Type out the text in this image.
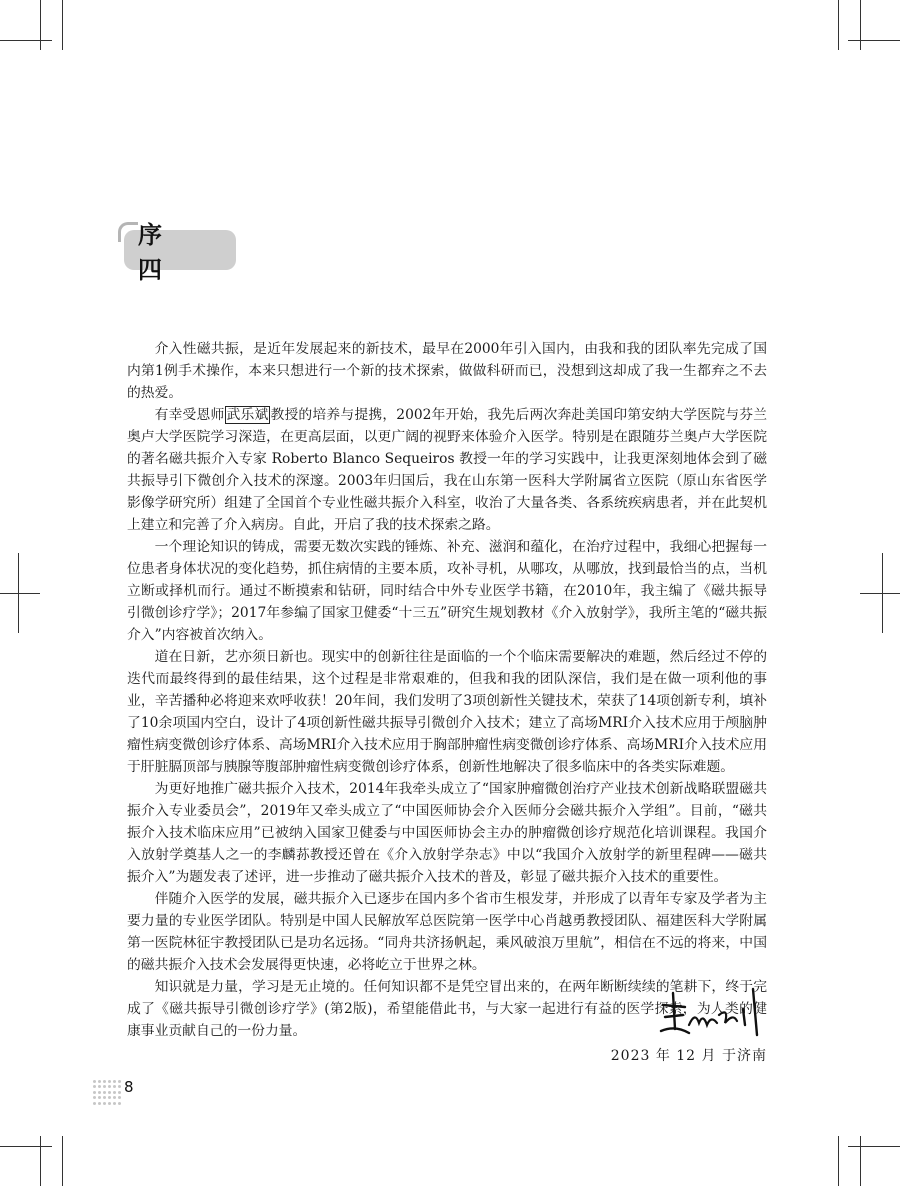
序 四

介入性磁共振，是近年发展起来的新技术，最早在2000年引入国内，由我和我的团队率先完成了国内第1例手术操作，本来只想进行一个新的技术探索，做做科研而已，没想到这却成了我一生都弃之不去的热爱。

有幸受恩师 武乐斌 教授的培养与提携，2002年开始，我先后两次奔赴美国印第安纳大学医院与芬兰奥卢大学医院学习深造，在更高层面，以更广阔的视野来体验介入医学。特别是在跟随芬兰奥卢大学医院的著名磁共振介入专家 Roberto Blanco Sequeiros 教授一年的学习实践中，让我更深刻地体会到了磁共振导引下微创介入技术的深邃。2003年归国后，我在山东第一医科大学附属省立医院（原山东省医学影像学研究所）组建了全国首个专业性磁共振介入科室，收治了大量各类、各系统疾病患者，并在此契机上建立和完善了介入病房。自此，开启了我的技术探索之路。

一个理论知识的铸成，需要无数次实践的锤炼、补充、滋润和蕴化，在治疗过程中，我细心把握每一位患者身体状况的变化趋势，抓住病情的主要本质，攻补寻机，从哪攻，从哪放，找到最恰当的点，当机立断或择机而行。通过不断摸索和钻研，同时结合中外专业医学书籍，在2010年，我主编了《磁共振导引微创诊疗学》；2017年参编了国家卫健委“十三五”研究生规划教材《介入放射学》，我所主笔的“磁共振介入”内容被首次纳入。

道在日新，艺亦须日新也。现实中的创新往往是面临的一个个临床需要解决的难题，然后经过不停的迭代而最终得到的最佳结果，这个过程是非常艰难的，但我和我的团队深信，我们是在做一项利他的事业，辛苦播种必将迎来欢呼收获！20年间，我们发明了3项创新性关键技术，荣获了14项创新专利，填补了10余项国内空白，设计了4项创新性磁共振导引微创介入技术；建立了高场MRI介入技术应用于颅脑肿瘤性病变微创诊疗体系、高场MRI介入技术应用于胸部肿瘤性病变微创诊疗体系、高场MRI介入技术应用于肝脏膈顶部与胰腺等腹部肿瘤性病变微创诊疗体系，创新性地解决了很多临床中的各类实际难题。

为更好地推广磁共振介入技术，2014年我牵头成立了“国家肿瘤微创治疗产业技术创新战略联盟磁共振介入专业委员会”，2019年又牵头成立了“中国医师协会介入医师分会磁共振介入学组”。目前，“磁共振介入技术临床应用”已被纳入国家卫健委与中国医师协会主办的肿瘤微创诊疗规范化培训课程。我国介入放射学奠基人之一的李麟荪教授还曾在《介入放射学杂志》中以“我国介入放射学的新里程碑——磁共振介入”为题发表了述评，进一步推动了磁共振介入技术的普及，彰显了磁共振介入技术的重要性。

伴随介入医学的发展，磁共振介入已逐步在国内多个省市生根发芽，并形成了以青年专家及学者为主要力量的专业医学团队。特别是中国人民解放军总医院第一医学中心肖越勇教授团队、福建医科大学附属第一医院林征宇教授团队已是功名远扬。“同舟共济扬帆起，乘风破浪万里航”，相信在不远的将来，中国的磁共振介入技术会发展得更快速，必将屹立于世界之林。

知识就是力量，学习是无止境的。任何知识都不是凭空冒出来的，在两年断断续续的笔耕下，终于完成了《磁共振导引微创诊疗学》(第2版)，希望能借此书，与大家一起进行有益的医学探索，为人类的健康事业贡献自己的一份力量。

2023 年 12 月 于济南
8
